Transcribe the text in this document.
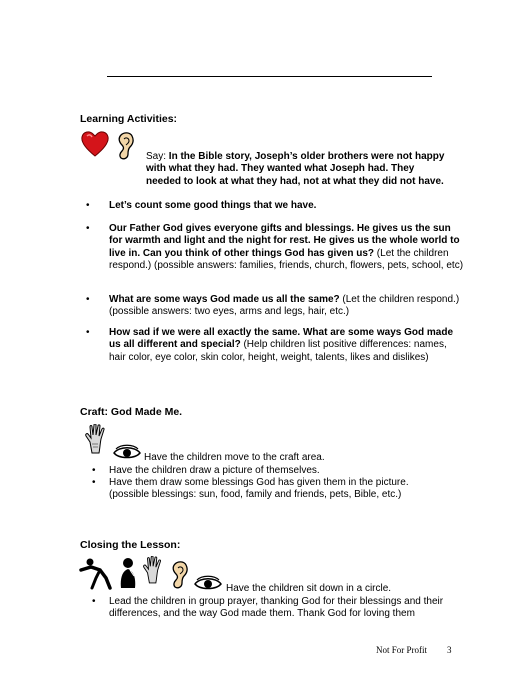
Learning Activities:
Say: In the Bible story, Joseph’s older brothers were not happy with what they had. They wanted what Joseph had. They needed to look at what they had, not at what they did not have.
• Let’s count some good things that we have.
• Our Father God gives everyone gifts and blessings. He gives us the sun for warmth and light and the night for rest. He gives us the whole world to live in. Can you think of other things God has given us? (Let the children respond.) (possible answers: families, friends, church, flowers, pets, school, etc)
• What are some ways God made us all the same? (Let the children respond.) (possible answers: two eyes, arms and legs, hair, etc.)
• How sad if we were all exactly the same. What are some ways God made us all different and special? (Help children list positive differences: names, hair color, eye color, skin color, height, weight, talents, likes and dislikes)
Craft: God Made Me.
Have the children move to the craft area.
• Have the children draw a picture of themselves.
• Have them draw some blessings God has given them in the picture. (possible blessings: sun, food, family and friends, pets, Bible, etc.)
Closing the Lesson:
Have the children sit down in a circle.
• Lead the children in group prayer, thanking God for their blessings and their differences, and the way God made them. Thank God for loving them
Not For Profit 3
